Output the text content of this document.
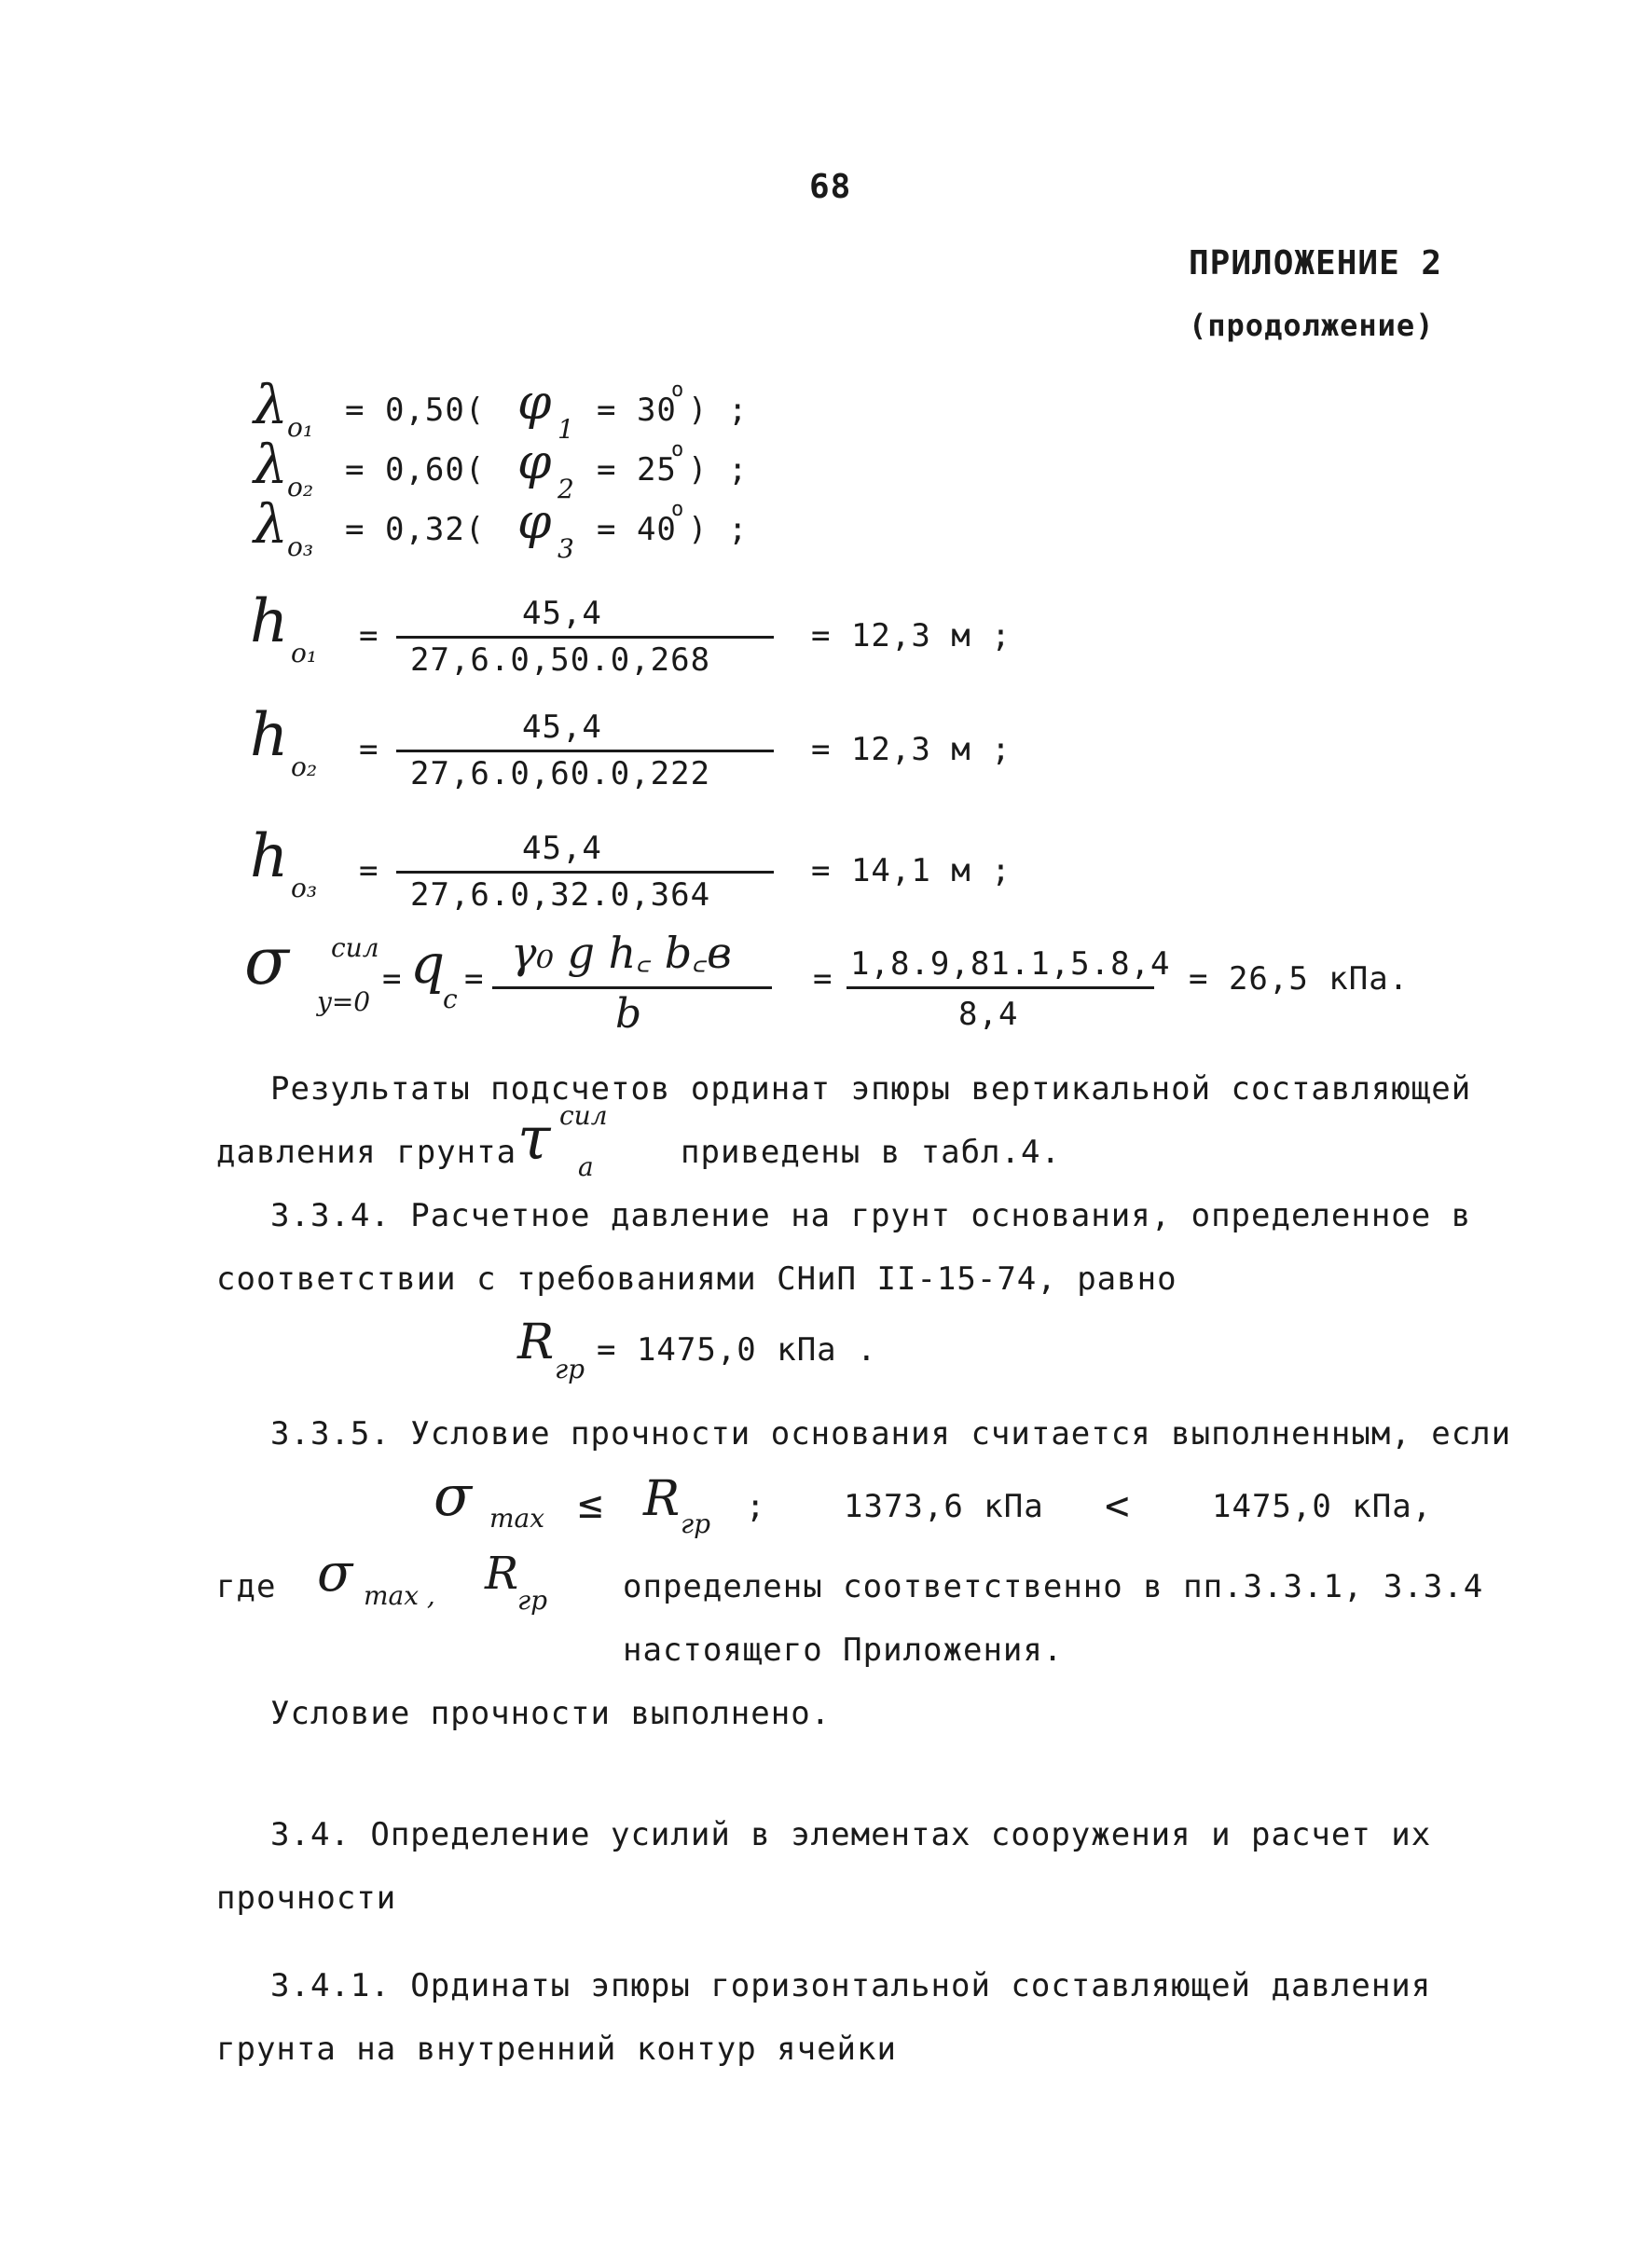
68
ПРИЛОЖЕНИЕ 2
(продолжение)
λ o₁ = 0,50( φ 1
= 30
o
) ;
λ o₂ = 0,60( φ 2
= 25
o
) ;
λ o₃ = 0,32( φ 3
= 40
o
) ;
h o₁ =
45,4
27,6.0,50.0,268
= 12,3 м ;
h o₂ =
45,4
27,6.0,60.0,222
= 12,3 м ;
h o₃ =
45,4
27,6.0,32.0,364
= 14,1 м ;
σ сил
y=0
= q
c
=
γ₀ g h꜀ b꜀в
b
= 1,8.9,81.1,5.8,4
8,4
= 26,5 кПа.
Результаты подсчетов ординат эпюры вертикальной составляющей
давления грунта τ сил
a	приведены в табл.4.
3.3.4. Расчетное давление на грунт основания, определенное в
соответствии с требованиями СНиП II-15-74, равно
R гр
= 1475,0 кПа .
3.3.5. Условие прочности основания считается выполненным, если
σ max ≤ R гр ; 1373,6 кПа <	1475,0 кПа,
где σ max , R
гр определены соответственно в пп.3.3.1, 3.3.4
настоящего Приложения.
Условие прочности выполнено.
3.4. Определение усилий в элементах сооружения и расчет их
прочности
3.4.1. Ординаты эпюры горизонтальной составляющей давления
грунта на внутренний контур ячейки
